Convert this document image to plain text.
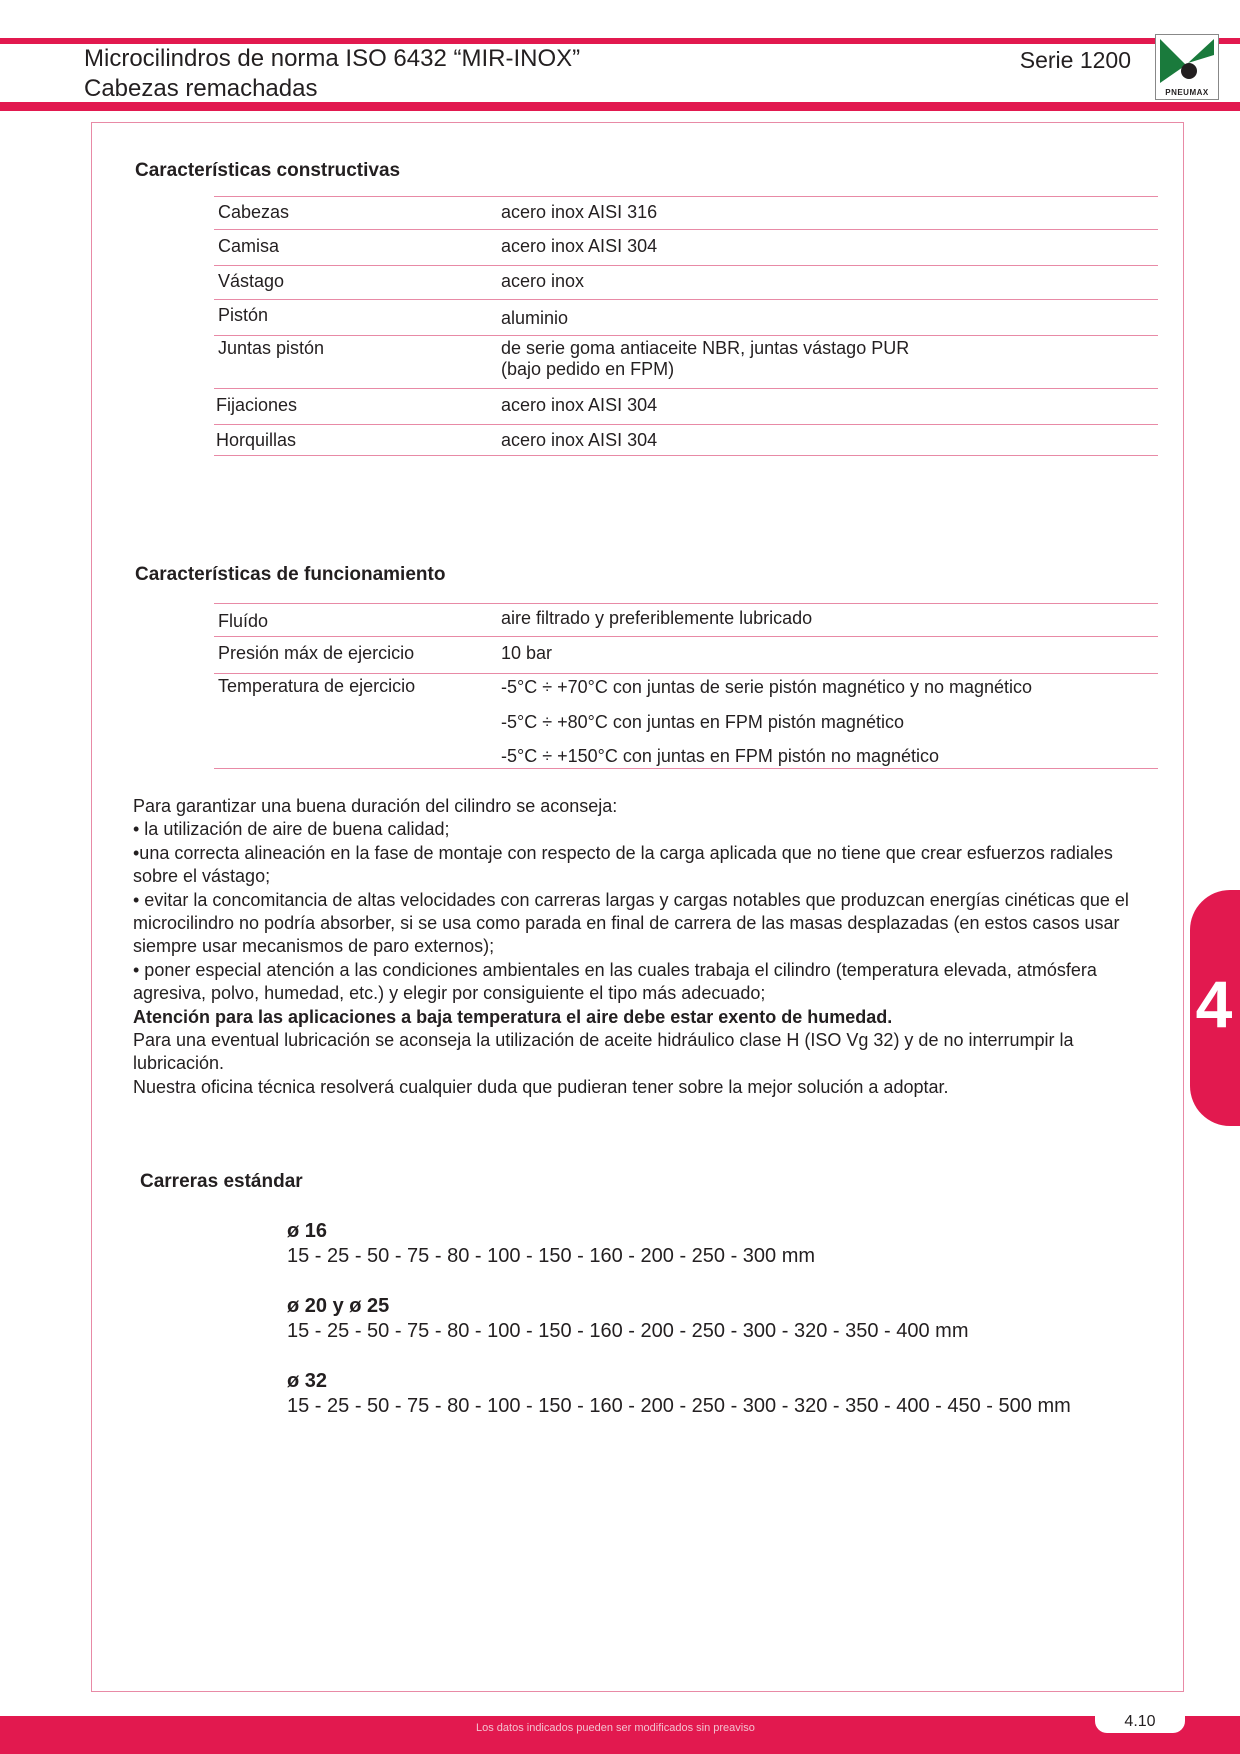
Microcilindros de norma ISO 6432 “MIR-INOX”
Cabezas remachadas
Serie 1200
PNEUMAX
Características constructivas
Cabezas	acero inox AISI 316
Camisa	acero inox AISI 304
Vástago	acero inox
Pistón	aluminio
Juntas pistón	de serie goma antiaceite NBR, juntas vástago PUR
(bajo pedido en FPM)
Fijaciones	acero inox AISI 304
Horquillas	acero inox AISI 304
Características de funcionamiento
Fluído	aire filtrado y preferiblemente lubricado
Presión máx de ejercicio	10 bar
Temperatura de ejercicio	-5°C ÷ +70°C con juntas de serie pistón magnético y no magnético
-5°C ÷ +80°C con juntas en FPM pistón magnético
-5°C ÷ +150°C con juntas en FPM pistón no magnético

Para garantizar una buena duración del cilindro se aconseja:

• la utilización de aire de buena calidad;

•una correcta alineación en la fase de montaje con respecto de la carga aplicada que no tiene que crear esfuerzos radiales sobre el vástago;

• evitar la concomitancia de altas velocidades con carreras largas y cargas notables que produzcan energías cinéticas que el microcilindro no podría absorber, si se usa como parada en final de carrera de las masas desplazadas (en estos casos usar siempre usar mecanismos de paro externos);

• poner especial atención a las condiciones ambientales en las cuales trabaja el cilindro (temperatura elevada, atmósfera agresiva, polvo, humedad, etc.) y elegir por consiguiente el tipo más adecuado;

Atención para las aplicaciones a baja temperatura el aire debe estar exento de humedad.

Para una eventual lubricación se aconseja la utilización de aceite hidráulico clase H (ISO Vg 32) y de no interrumpir la lubricación.

Nuestra oficina técnica resolverá cualquier duda que pudieran tener sobre la mejor solución a adoptar.

4
Carreras estándar
ø 16
15 - 25 - 50 - 75 - 80 - 100 - 150 - 160 - 200 - 250 - 300 mm
ø 20 y ø 25
15 - 25 - 50 - 75 - 80 - 100 - 150 - 160 - 200 - 250 - 300 - 320 - 350 - 400 mm
ø 32
15 - 25 - 50 - 75 - 80 - 100 - 150 - 160 - 200 - 250 - 300 - 320 - 350 - 400 - 450 - 500 mm
Los datos indicados pueden ser modificados sin preaviso	4.10
